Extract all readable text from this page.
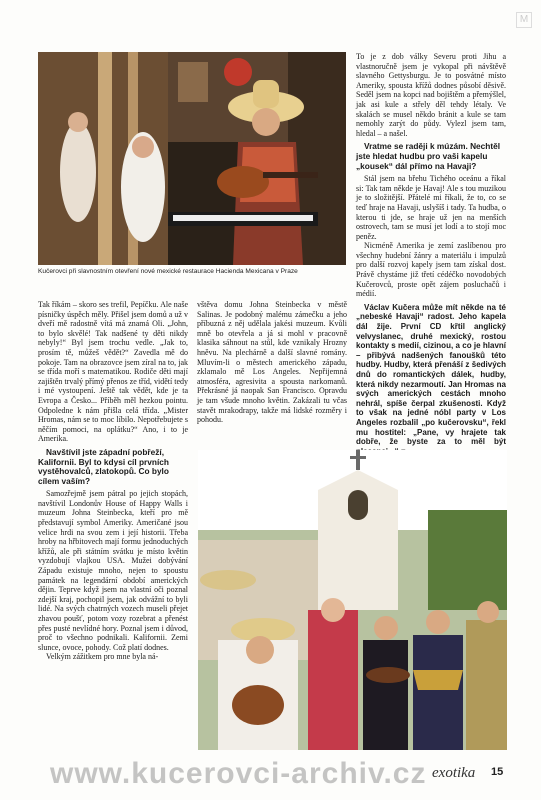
Kučerovci při slavnostním otevření nové mexické restaurace Hacienda Mexicana v Praze

Tak říkám – skoro ses trefil, Pepíčku. Ale naše písničky úspěch měly. Přišel jsem domů a už v dveří mě radostně vítá má znamá Oli. „John, to bylo skvělé! Tak nadšené ty děti nikdy nebyly!“ Byl jsem trochu vedle. „Jak to, prosím tě, můžeš vědět?“ Zavedla mě do pokoje. Tam na obrazovce jsem zíral na to, jak se třída moří s matematikou. Rodiče děti mají zajištěn trvalý přímý přenos ze tříd, vidětí tedy i mé vystoupení. Ještě tak vědět, kde je ta Evropa a Česko... Příběh měl hezkou pointu. Odpoledne k nám přišla celá třída. „Mister Hromas, nám se to moc líbilo. Nepotřebujete s něčím pomoci, na oplátku?“ Ano, i to je Amerika.

Navštívil jste západní pobřeží, Kalifornii. Byl to kdysi cíl prvních vystěhovalců, zlatokopů. Co bylo cílem vaším?

Samozřejmě jsem pátral po jejich stopách, navštívil Londonův House of Happy Walls i muzeum Johna Steinbecka, kteří pro mě představují symbol Ameriky. Američané jsou velice hrdi na svou zem i její historii. Třeba hroby na hřbitovech mají formu jednoduchých křížů, ale při státním svátku je místo květin vyzdobují vlajkou USA. Mužei dobývání Západu existuje mnoho, nejen to spoustu památek na legendární období amerických dějin. Teprve když jsem na vlastní oči poznal zdejší kraj, pochopil jsem, jak odvážní to byli lidé. Na svých chatrných vozech museli přejet zhavou poušť, potom vozy rozebrat a přenést přes pusté nevlídné hory. Poznal jsem i důvod, proč to všechno podnikali. Kalifornii. Zemi slunce, ovoce, pohody. Což platí dodnes.

Velkým zážitkem pro mne byla ná-

vštěva domu Johna Steinbecka v městě Salinas. Je podobný malému zámečku a jeho příbuzná z něj udělala jakési muzeum. Kvůli mně bo otevřela a já si mohl v pracovně klasika sáhnout na stůl, kde vznikaly Hrozny hněvu. Na plechárně a další slavné romány. Mluvím-li o městech amerického západu, zklamalo mě Los Angeles. Nepřijemná atmosféra, agresivita a spousta narkomanů. Překrásné já naopak San Francisco. Opravdu je tam všude mnoho květin. Zakázali tu včas stavět mrakodrapy, takže má lidské rozměry i pohodu.

To je z dob války Severu proti Jihu a vlastnoručně jsem je vykopal při návštěvě slavného Gettysburgu. Je to posvátné místo Ameriky, spousta křížů dodnes působí děsivě. Seděl jsem na kopci nad bojištěm a přemýšlel, jak asi kule a střely děl tehdy létaly. Ve skalách se musel někdo bránit a kule se tam nemohly zarýt do půdy. Vylezl jsem tam, hledal – a našel.

Vratme se raději k múzám. Nechtěl jste hledat hudbu pro vaši kapelu „kousek“ dál přímo na Havaji?

Stál jsem na břehu Tichého oceánu a říkal si: Tak tam někde je Havaj! Ale s tou muzikou je to složitější. Přátelé mi říkali, že to, co se teď hraje na Havaji, uslyšíš i tady. Ta hudba, o kterou ti jde, se hraje už jen na menších ostrovech, tam se musí jet lodí a to stojí moc peněz.

Nicméně Amerika je zemí zaslíbenou pro všechny hudební žánry a materiálu i impulzů pro další rozvoj kapely jsem tam získal dost. Právě chystáme již třetí cédéčko novodobých Kučerovců, proste opět zájem posluchačů i médií.

Václav Kučera může mít někde na té „nebeské Havaji“ radost. Jeho kapela dál žije. První CD křtil anglický velvyslanec, druhé mexický, rostou kontakty s medií, cizinou, a co je hlavní – přibývá nadšených fanoušků této hudby. Hudby, která přenáší z šedivých dnů do romantických dálek, hudby, která nikdy nezarmoutí. Jan Hromas na svých amerických cestách mnoho nehrál, spíše čerpal zkušenosti. Když to však na jedné nóbl party v Los Angeles rozbalil „po kučerovsku“, řekl mu hostitel: „Pane, vy hrajete tak dobře, že byste za to měl být

www.kucerovci-archiv.cz exotika 15
M
